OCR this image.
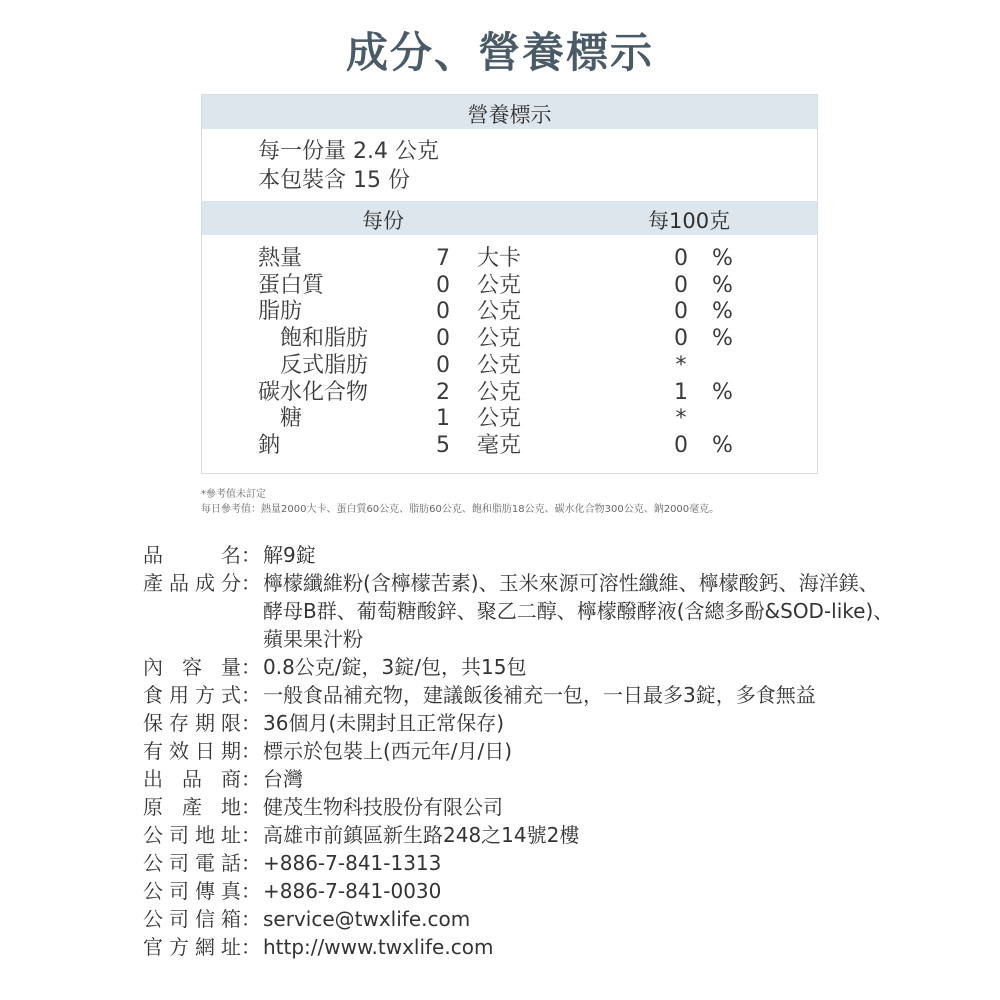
成分、營養標示
營養標示
每一份量 2.4 公克
本包裝含 15 份
每份	每100克
熱量	7 大卡	0 %
蛋白質	0 公克	0 %
脂肪	0 公克	0 %
飽和脂肪	0 公克	0 %
反式脂肪	0 公克	*
碳水化合物	2 公克	1 %
糖	1 公克	*
鈉	5 毫克	0 %
*參考值未訂定
每日參考值：熱量2000大卡、蛋白質60公克、脂肪60公克、飽和脂肪18公克、碳水化合物300公克、鈉2000毫克。
品名 ： 解9錠
產品成分 ： 檸檬纖維粉(含檸檬苦素)、玉米來源可溶性纖維、檸檬酸鈣、海洋鎂、
酵母B群、葡萄糖酸鋅、聚乙二醇、檸檬醱酵液(含總多酚&SOD-like)、
蘋果果汁粉
內容量 ： 0.8公克/錠，3錠/包，共15包
食用方式 ： 一般食品補充物，建議飯後補充一包，一日最多3錠，多食無益
保存期限 ： 36個月(未開封且正常保存)
有效日期 ： 標示於包裝上(西元年/月/日)
出品商 ： 台灣
原產地 ： 健茂生物科技股份有限公司
公司地址 ： 高雄市前鎮區新生路248之14號2樓
公司電話 ： +886-7-841-1313
公司傳真 ： +886-7-841-0030
公司信箱 ： service@twxlife.com
官方網址 ： http://www.twxlife.com
